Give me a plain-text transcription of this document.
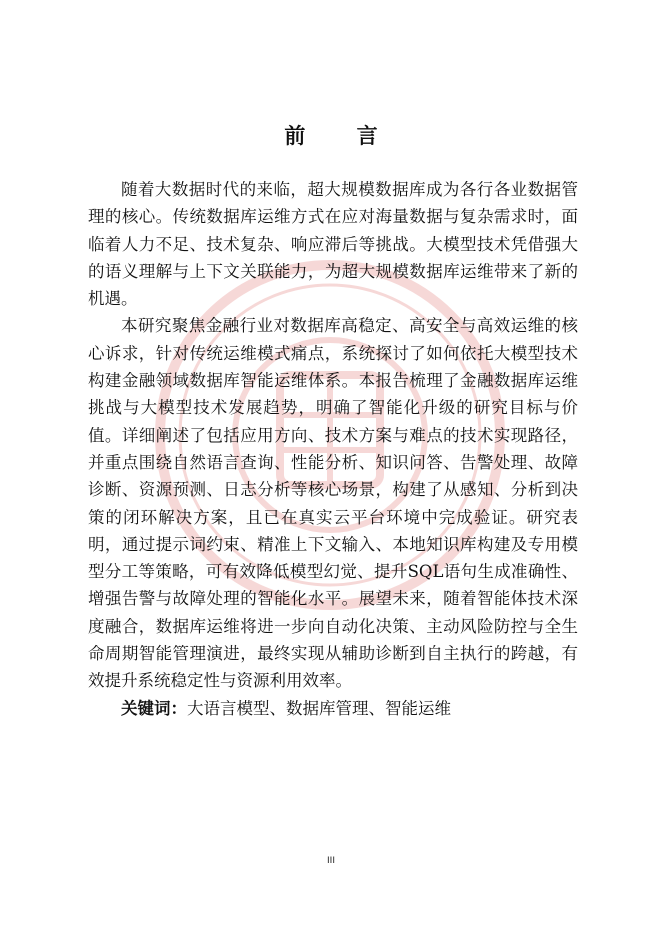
前 言

随着大数据时代的来临，超大规模数据库成为各行各业数据管理的核心。传统数据库运维方式在应对海量数据与复杂需求时，面临着人力不足、技术复杂、响应滞后等挑战。大模型技术凭借强大的语义理解与上下文关联能力，为超大规模数据库运维带来了新的机遇。

本研究聚焦金融行业对数据库高稳定、高安全与高效运维的核心诉求，针对传统运维模式痛点，系统探讨了如何依托大模型技术构建金融领域数据库智能运维体系。本报告梳理了金融数据库运维挑战与大模型技术发展趋势，明确了智能化升级的研究目标与价值。详细阐述了包括应用方向、技术方案与难点的技术实现路径，并重点围绕自然语言查询、性能分析、知识问答、告警处理、故障诊断、资源预测、日志分析等核心场景，构建了从感知、分析到决策的闭环解决方案，且已在真实云平台环境中完成验证。研究表明，通过提示词约束、精准上下文输入、本地知识库构建及专用模型分工等策略，可有效降低模型幻觉、提升SQL语句生成准确性、增强告警与故障处理的智能化水平。展望未来，随着智能体技术深度融合，数据库运维将进一步向自动化决策、主动风险防控与全生命周期智能管理演进，最终实现从辅助诊断到自主执行的跨越，有效提升系统稳定性与资源利用效率。

关键词：大语言模型、数据库管理、智能运维

III
